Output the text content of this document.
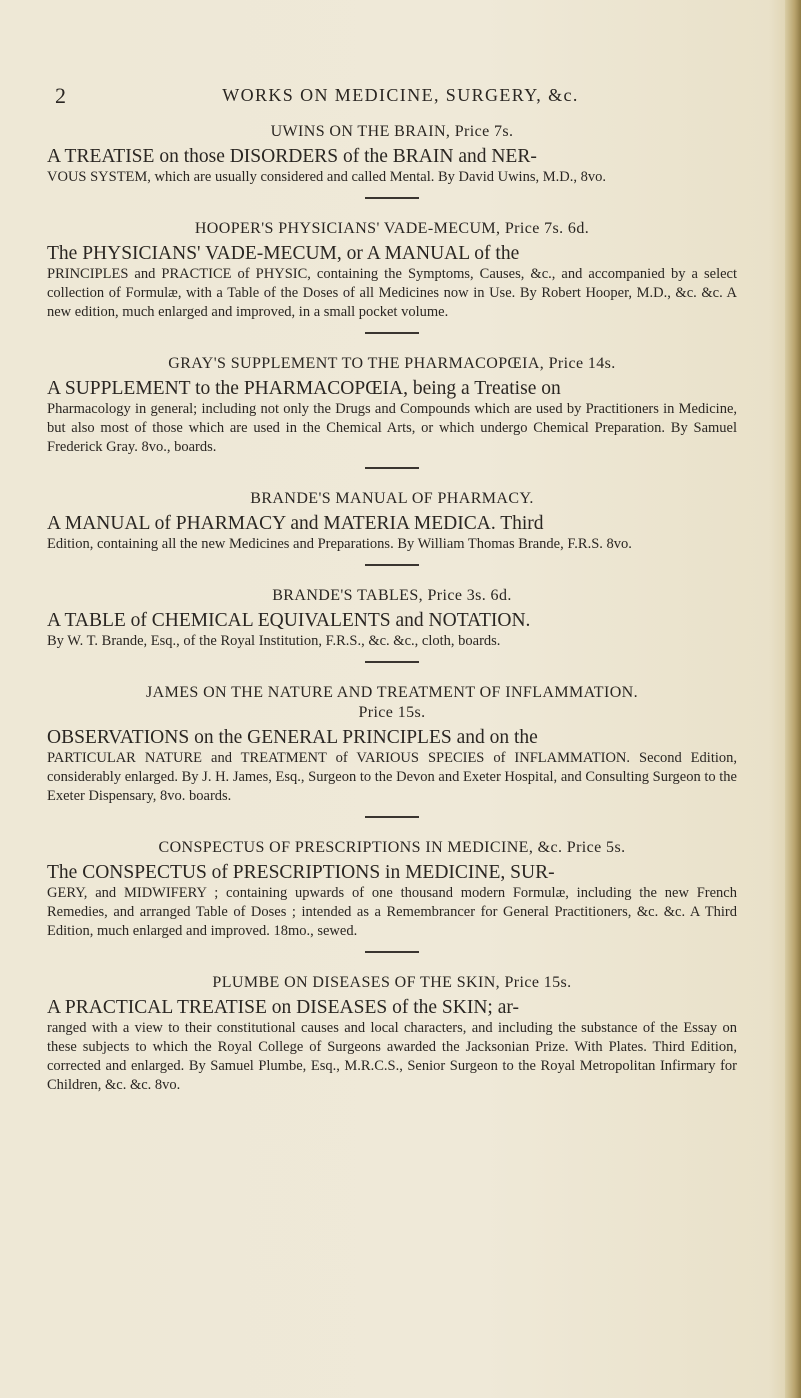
2	WORKS ON MEDICINE, SURGERY, &c.
UWINS ON THE BRAIN, Price 7s.

A TREATISE on those DISORDERS of the BRAIN and NER-

VOUS SYSTEM, which are usually considered and called Mental. By David Uwins, M.D., 8vo.

HOOPER'S PHYSICIANS' VADE-MECUM, Price 7s. 6d.

The PHYSICIANS' VADE-MECUM, or A MANUAL of the

PRINCIPLES and PRACTICE of PHYSIC, containing the Symptoms, Causes, &c., and accompanied by a select collection of Formulæ, with a Table of the Doses of all Medicines now in Use. By Robert Hooper, M.D., &c. &c. A new edition, much enlarged and improved, in a small pocket volume.

GRAY'S SUPPLEMENT TO THE PHARMACOPŒIA, Price 14s.

A SUPPLEMENT to the PHARMACOPŒIA, being a Treatise on

Pharmacology in general; including not only the Drugs and Compounds which are used by Practitioners in Medicine, but also most of those which are used in the Chemical Arts, or which undergo Chemical Preparation. By Samuel Frederick Gray. 8vo., boards.

BRANDE'S MANUAL OF PHARMACY.

A MANUAL of PHARMACY and MATERIA MEDICA. Third

Edition, containing all the new Medicines and Preparations. By William Thomas Brande, F.R.S. 8vo.

BRANDE'S TABLES, Price 3s. 6d.

A TABLE of CHEMICAL EQUIVALENTS and NOTATION.

By W. T. Brande, Esq., of the Royal Institution, F.R.S., &c. &c., cloth, boards.

JAMES ON THE NATURE AND TREATMENT OF INFLAMMATION.
Price 15s.

OBSERVATIONS on the GENERAL PRINCIPLES and on the

PARTICULAR NATURE and TREATMENT of VARIOUS SPECIES of INFLAMMATION. Second Edition, considerably enlarged. By J. H. James, Esq., Surgeon to the Devon and Exeter Hospital, and Consulting Surgeon to the Exeter Dispensary, 8vo. boards.

CONSPECTUS OF PRESCRIPTIONS IN MEDICINE, &c. Price 5s.

The CONSPECTUS of PRESCRIPTIONS in MEDICINE, SUR-

GERY, and MIDWIFERY ; containing upwards of one thousand modern Formulæ, including the new French Remedies, and arranged Table of Doses ; intended as a Remembrancer for General Practitioners, &c. &c. A Third Edition, much enlarged and improved. 18mo., sewed.

PLUMBE ON DISEASES OF THE SKIN, Price 15s.

A PRACTICAL TREATISE on DISEASES of the SKIN; ar-

ranged with a view to their constitutional causes and local characters, and including the substance of the Essay on these subjects to which the Royal College of Surgeons awarded the Jacksonian Prize. With Plates. Third Edition, corrected and enlarged. By Samuel Plumbe, Esq., M.R.C.S., Senior Surgeon to the Royal Metropolitan Infirmary for Children, &c. &c. 8vo.
